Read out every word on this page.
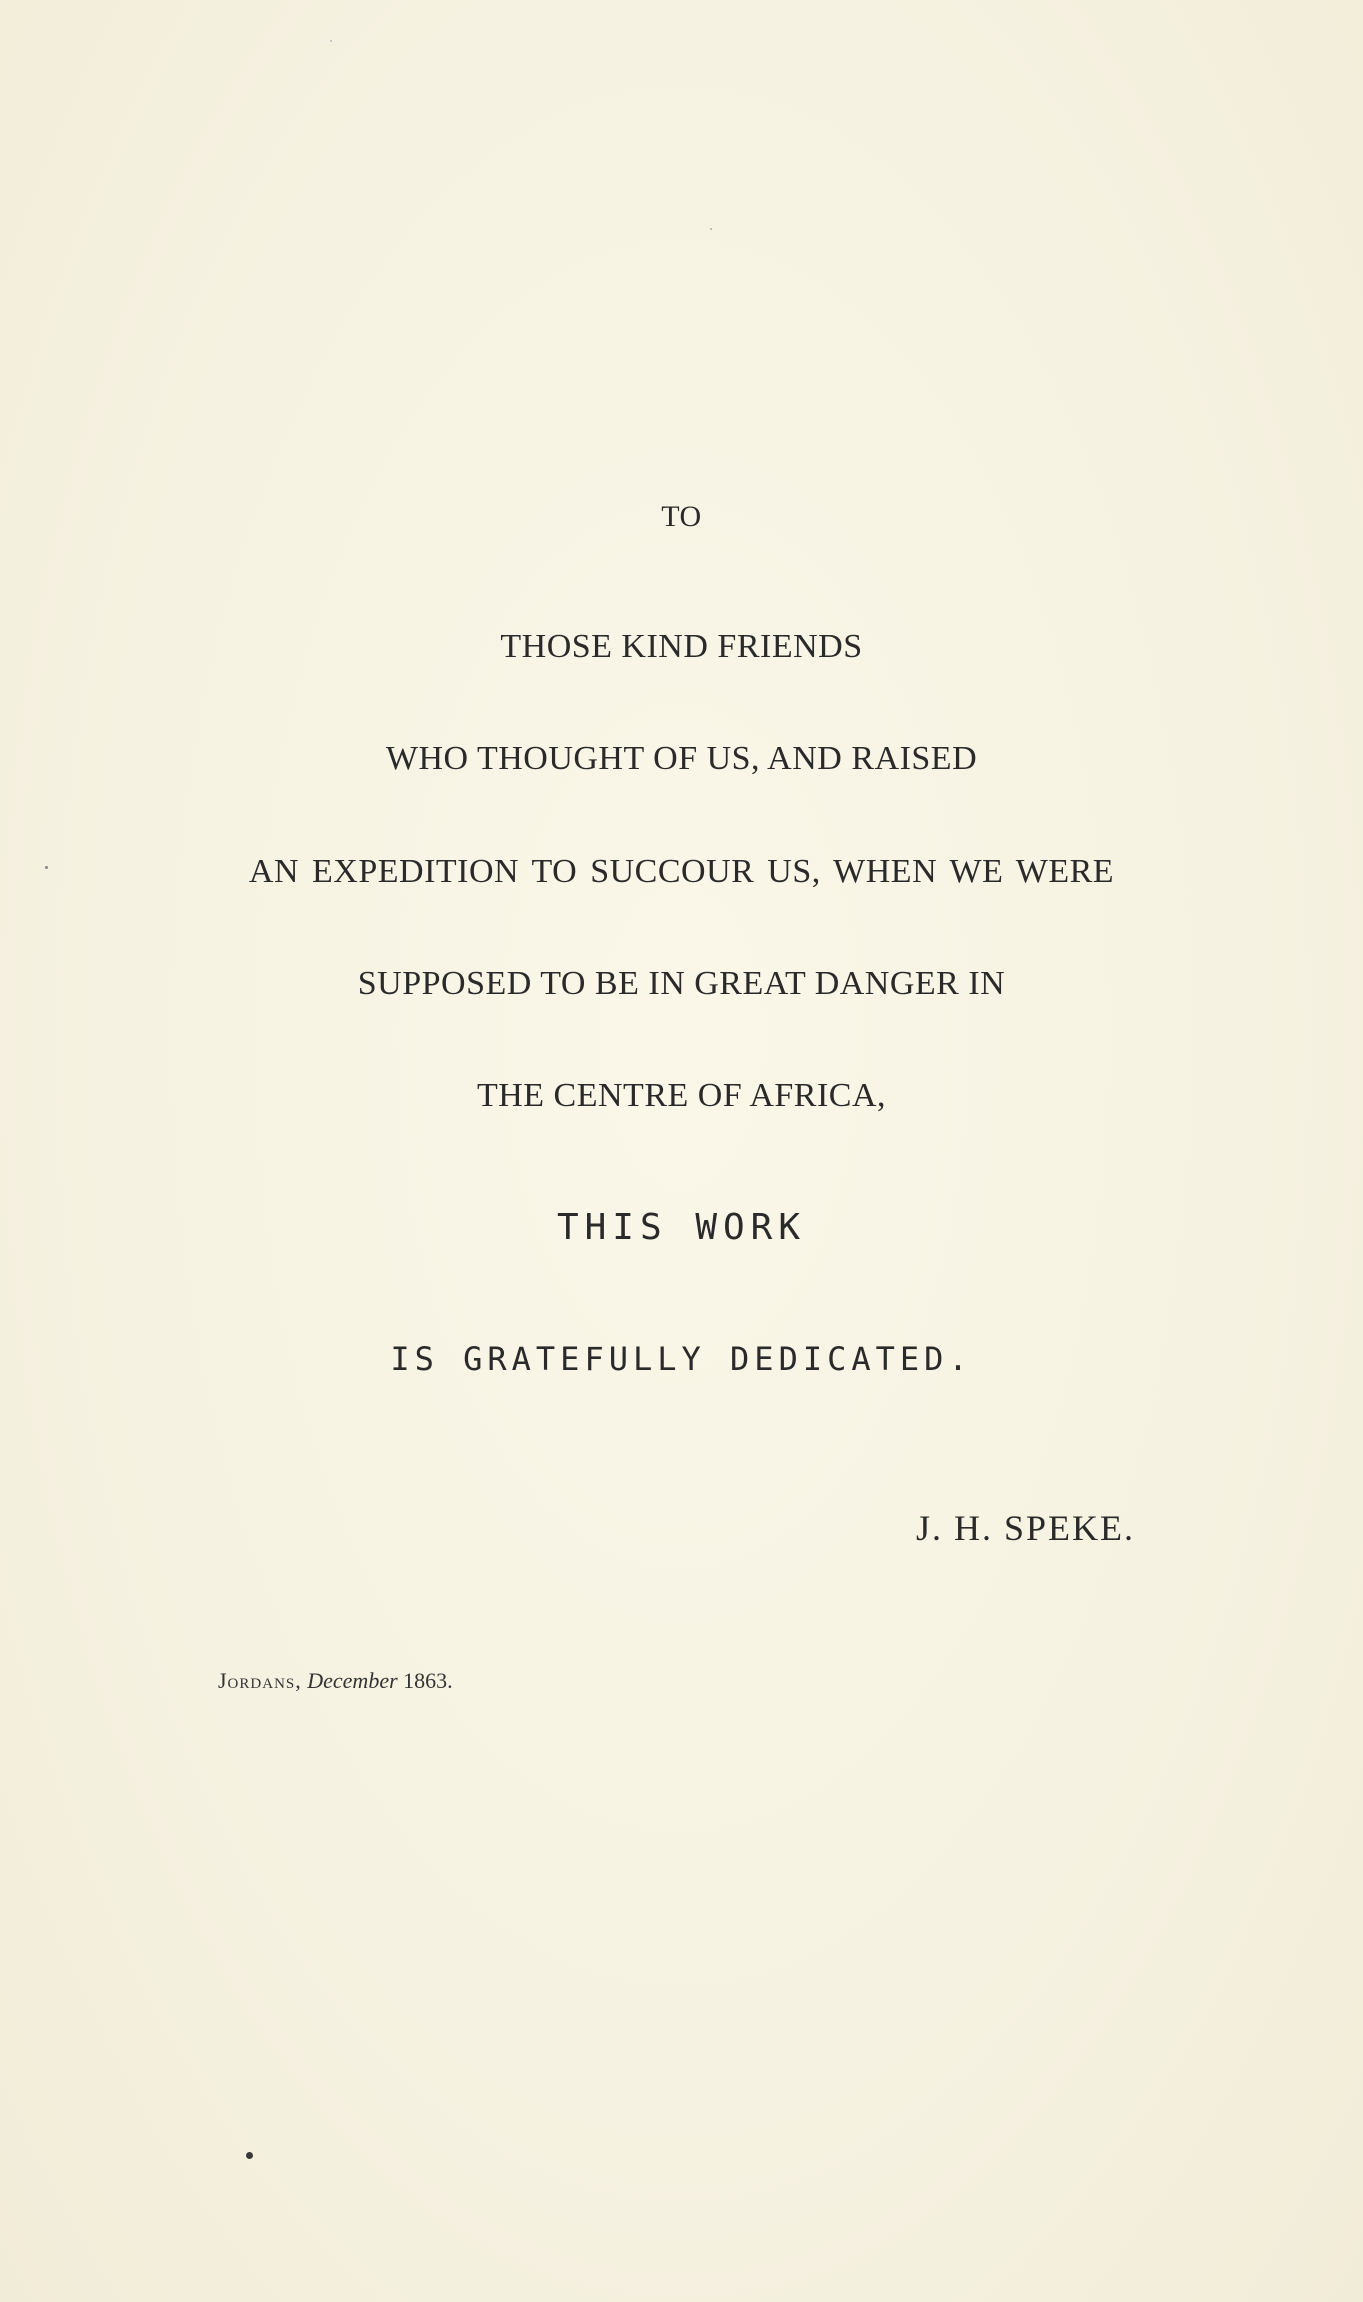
TO
THOSE KIND FRIENDS
WHO THOUGHT OF US, AND RAISED
AN EXPEDITION TO SUCCOUR US, WHEN WE WERE
SUPPOSED TO BE IN GREAT DANGER IN
THE CENTRE OF AFRICA,
THIS WORK
IS GRATEFULLY DEDICATED.
J. H. SPEKE.
Jordans, December 1863.
